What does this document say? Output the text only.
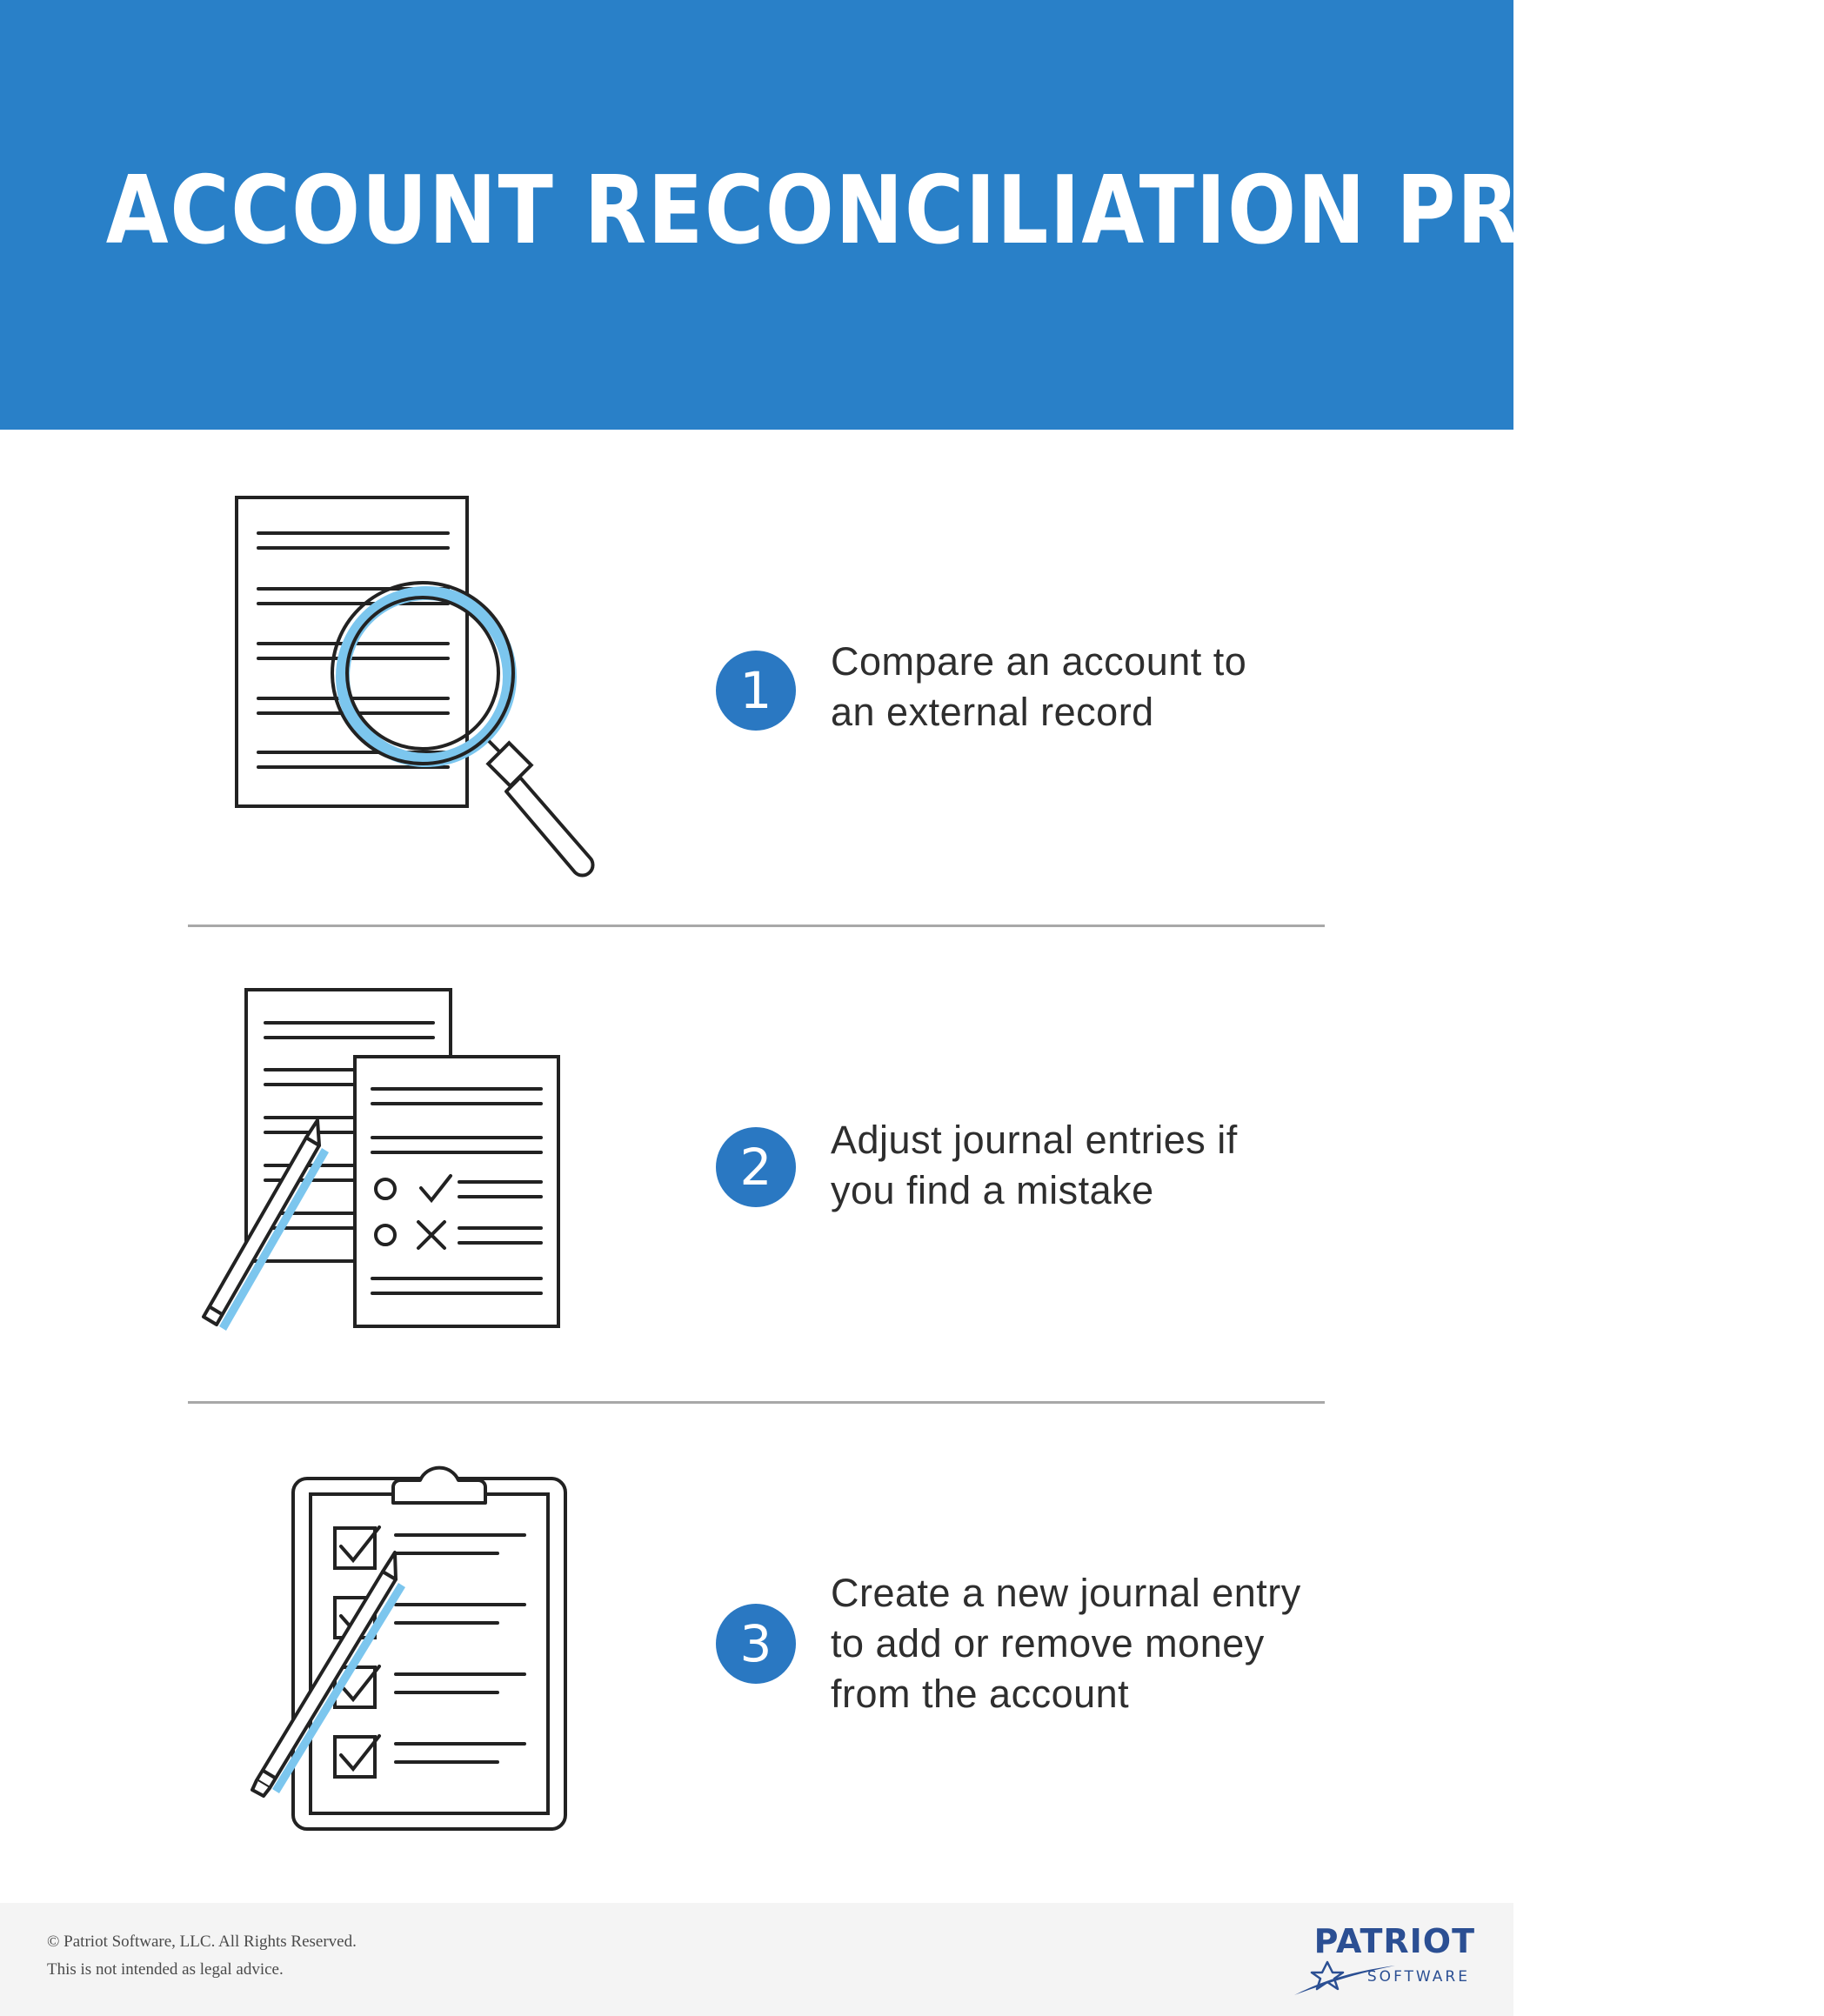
ACCOUNT RECONCILIATION PROCESS
1	Compare an account to
an external record
2	Adjust journal entries if
you find a mistake
3
Create a new journal entry
to add or remove money
from the account
© Patriot Software, LLC. All Rights Reserved.
This is not intended as legal advice.
PATRIOT
SOFTWARE
